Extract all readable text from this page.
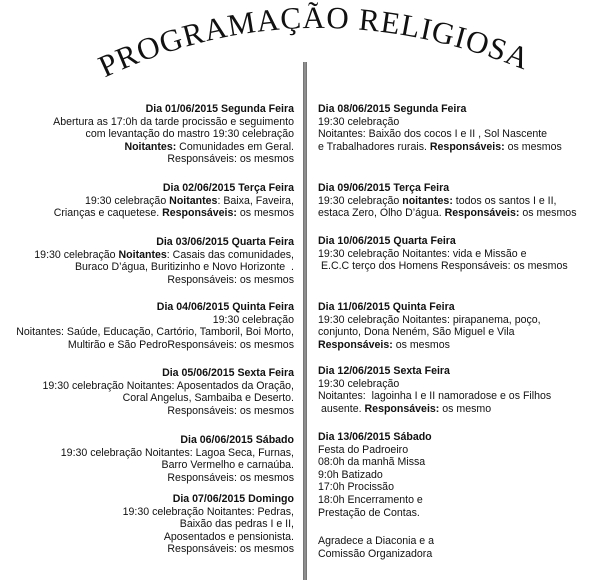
PROGRAMAÇÃO RELIGIOSA
Dia 01/06/2015 Segunda Feira
Abertura as 17:0h da tarde procissão e seguimento
com levantação do mastro 19:30 celebração
Noitantes: Comunidades em Geral.
Responsáveis: os mesmos
Dia 02/06/2015 Terça Feira
19:30 celebração Noitantes: Baixa, Faveira,
Crianças e caquetese. Responsáveis: os mesmos
Dia 03/06/2015 Quarta Feira
19:30 celebração Noitantes: Casais das comunidades,
Buraco D’água, Buritizinho e Novo Horizonte  .
Responsáveis: os mesmos
Dia 04/06/2015 Quinta Feira
19:30 celebração
Noitantes: Saúde, Educação, Cartório, Tamboril, Boi Morto,
Multirão e São PedroResponsáveis: os mesmos
Dia 05/06/2015 Sexta Feira
19:30 celebração Noitantes: Aposentados da Oração,
Coral Angelus, Sambaiba e Deserto.
Responsáveis: os mesmos
Dia 06/06/2015 Sábado
19:30 celebração Noitantes: Lagoa Seca, Furnas,
Barro Vermelho e carnaúba.
Responsáveis: os mesmos
Dia 07/06/2015 Domingo
19:30 celebração Noitantes: Pedras,
Baixão das pedras I e II,
Aposentados e pensionista.
Responsáveis: os mesmos
Dia 08/06/2015 Segunda Feira
19:30 celebração
Noitantes: Baixão dos cocos I e II , Sol Nascente
e Trabalhadores rurais. Responsáveis: os mesmos
Dia 09/06/2015 Terça Feira
19:30 celebração noitantes: todos os santos I e II,
estaca Zero, Olho D’água. Responsáveis: os mesmos
Dia 10/06/2015 Quarta Feira
19:30 celebração Noitantes: vida e Missão e
E.C.C terço dos Homens Responsáveis: os mesmos
Dia 11/06/2015 Quinta Feira
19:30 celebração Noitantes: pirapanema, poço,
conjunto, Dona Neném, São Miguel e Vila
Responsáveis: os mesmos
Dia 12/06/2015 Sexta Feira
19:30 celebração
Noitantes:  lagoinha I e II namoradose e os Filhos
ausente. Responsáveis: os mesmo
Dia 13/06/2015 Sábado
Festa do Padroeiro
08:0h da manhã Missa
9:0h Batizado
17:0h Procissão
18:0h Encerramento e
Prestação de Contas.
Agradece a Diaconia e a
Comissão Organizadora
